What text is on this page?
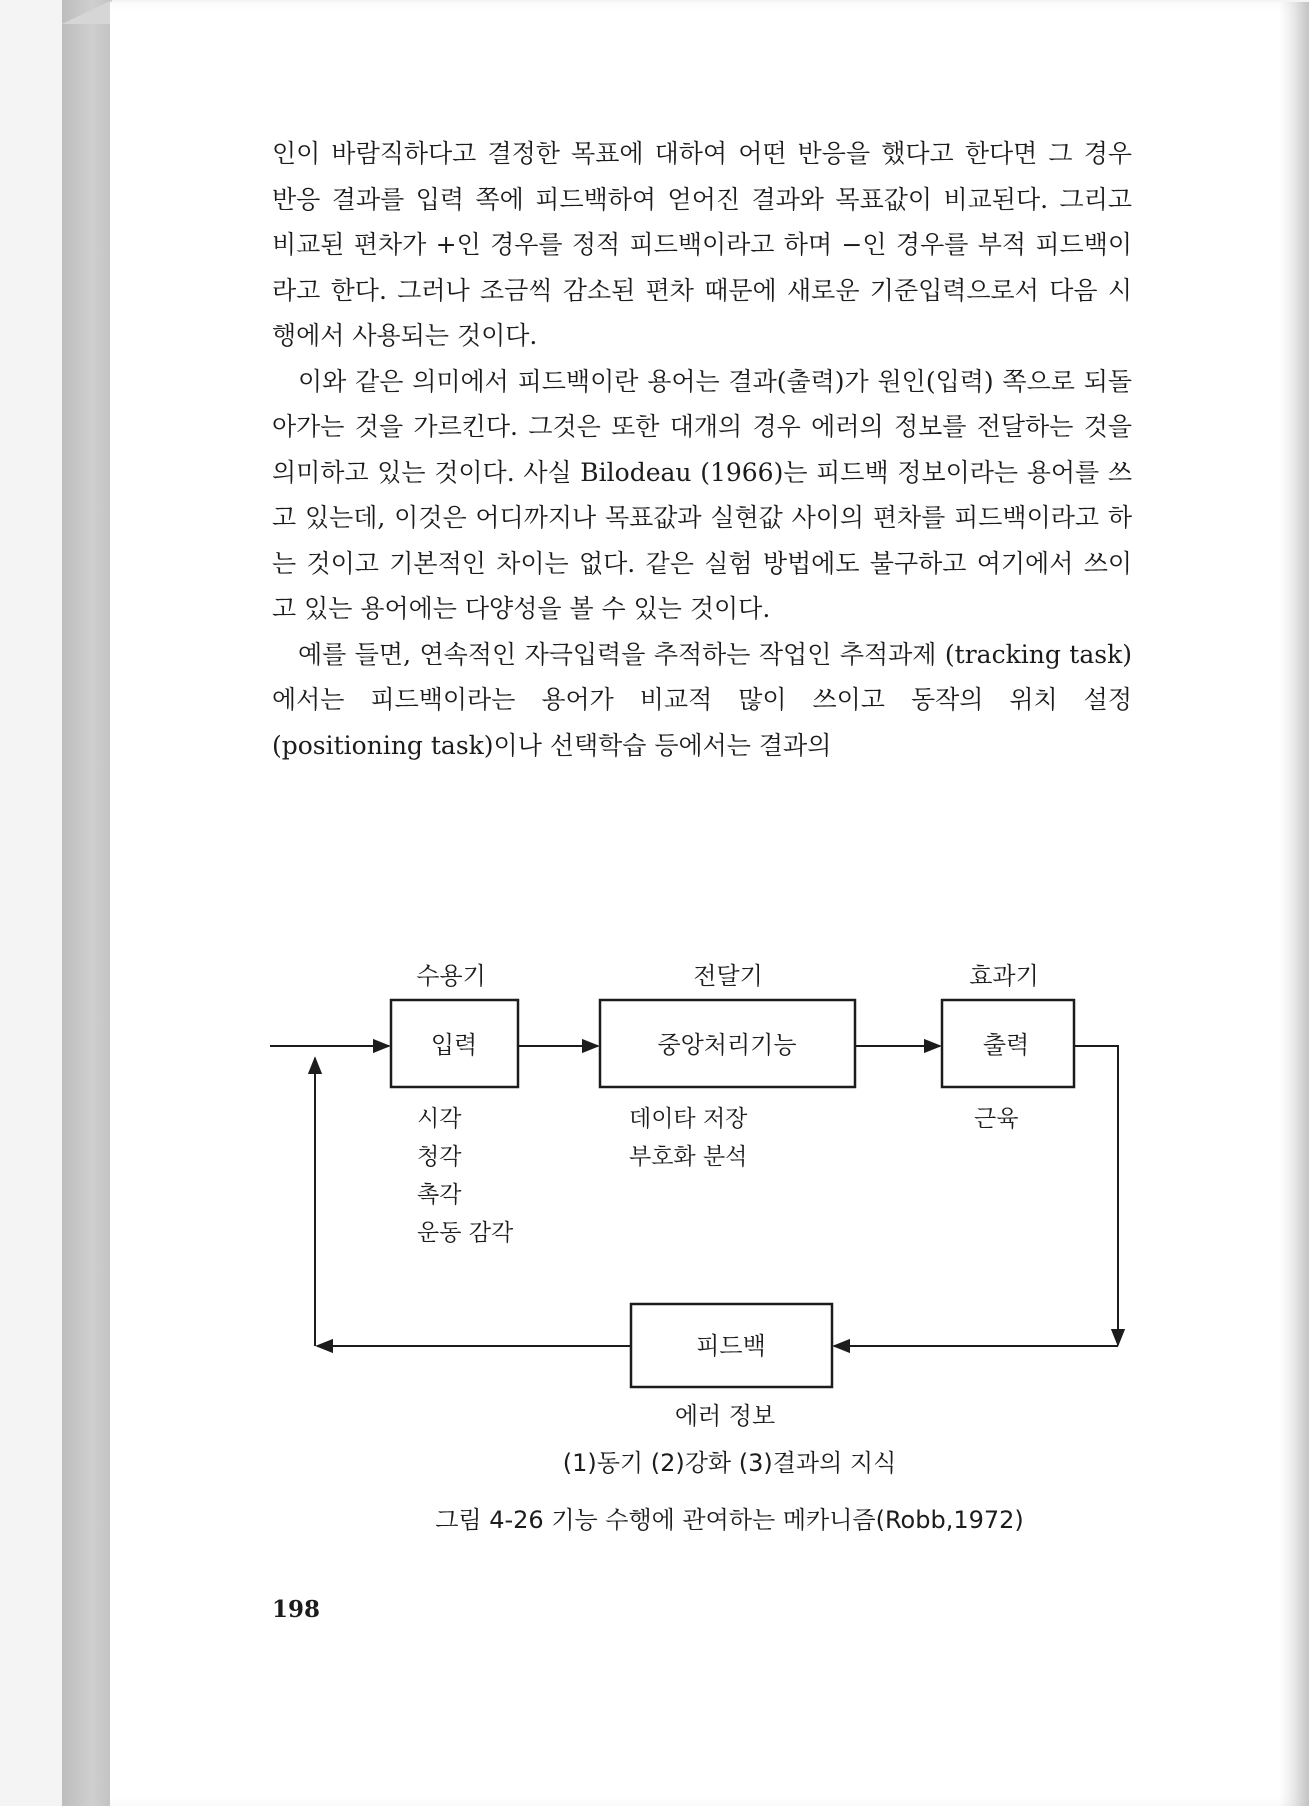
인이 바람직하다고 결정한 목표에 대하여 어떤 반응을 했다고 한다면 그 경우 반응 결과를 입력 쪽에 피드백하여 얻어진 결과와 목표값이 비교된다. 그리고 비교된 편차가 +인 경우를 정적 피드백이라고 하며 −인 경우를 부적 피드백이라고 한다. 그러나 조금씩 감소된 편차 때문에 새로운 기준입력으로서 다음 시행에서 사용되는 것이다.

이와 같은 의미에서 피드백이란 용어는 결과(출력)가 원인(입력) 쪽으로 되돌아가는 것을 가르킨다. 그것은 또한 대개의 경우 에러의 정보를 전달하는 것을 의미하고 있는 것이다. 사실 Bilodeau (1966)는 피드백 정보이라는 용어를 쓰고 있는데, 이것은 어디까지나 목표값과 실현값 사이의 편차를 피드백이라고 하는 것이고 기본적인 차이는 없다. 같은 실험 방법에도 불구하고 여기에서 쓰이고 있는 용어에는 다양성을 볼 수 있는 것이다.

예를 들면, 연속적인 자극입력을 추적하는 작업인 추적과제 (tracking task)에서는 피드백이라는 용어가 비교적 많이 쓰이고 동작의 위치 설정(positioning task)이나 선택학습 등에서는 결과의

수용기	전달기	효과기
입력	중앙처리기능	출력
피드백
시각
청각
촉각
운동 감각
데이타 저장
부호화 분석
근육
에러 정보
(1)동기 (2)강화 (3)결과의 지식
그림 4-26 기능 수행에 관여하는 메카니즘(Robb,1972)
198
